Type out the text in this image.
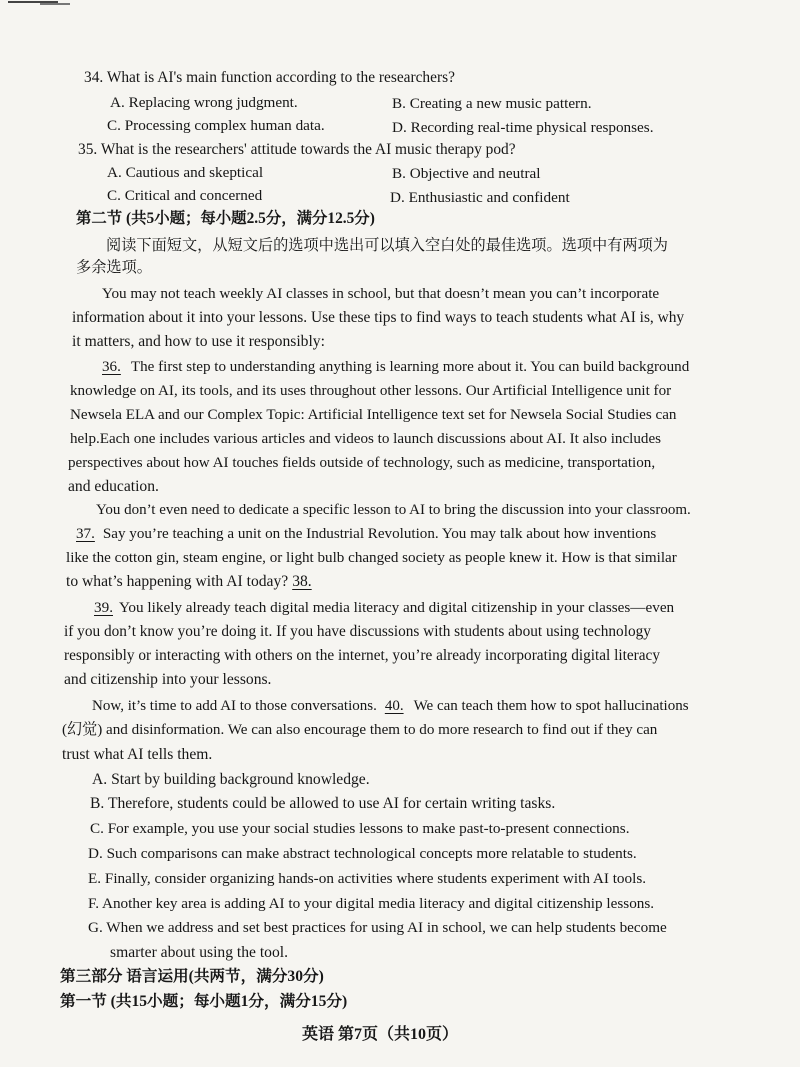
34. What is AI's main function according to the researchers?
A. Replacing wrong judgment.	B. Creating a new music pattern.
C. Processing complex human data.	D. Recording real-time physical responses.
35. What is the researchers' attitude towards the AI music therapy pod?
A. Cautious and skeptical	B. Objective and neutral
C. Critical and concerned	D. Enthusiastic and confident
第二节 (共5小题；每小题2.5分，满分12.5分)
阅读下面短文，从短文后的选项中选出可以填入空白处的最佳选项。选项中有两项为
多余选项。
You may not teach weekly AI classes in school, but that doesn’t mean you can’t incorporate
information about it into your lessons. Use these tips to find ways to teach students what AI is, why
it matters, and how to use it responsibly:
36. The first step to understanding anything is learning more about it. You can build background
knowledge on AI, its tools, and its uses throughout other lessons. Our Artificial Intelligence unit for
Newsela ELA and our Complex Topic: Artificial Intelligence text set for Newsela Social Studies can
help.Each one includes various articles and videos to launch discussions about AI. It also includes
perspectives about how AI touches fields outside of technology, such as medicine, transportation,
and education.
You don’t even need to dedicate a specific lesson to AI to bring the discussion into your classroom.
37. Say you’re teaching a unit on the Industrial Revolution. You may talk about how inventions
like the cotton gin, steam engine, or light bulb changed society as people knew it. How is that similar
to what’s happening with AI today? 38.
39. You likely already teach digital media literacy and digital citizenship in your classes—even
if you don’t know you’re doing it. If you have discussions with students about using technology
responsibly or interacting with others on the internet, you’re already incorporating digital literacy
and citizenship into your lessons.
Now, it’s time to add AI to those conversations. 40. We can teach them how to spot hallucinations
(幻觉) and disinformation. We can also encourage them to do more research to find out if they can
trust what AI tells them.
A. Start by building background knowledge.
B. Therefore, students could be allowed to use AI for certain writing tasks.
C. For example, you use your social studies lessons to make past-to-present connections.
D. Such comparisons can make abstract technological concepts more relatable to students.
E. Finally, consider organizing hands-on activities where students experiment with AI tools.
F. Another key area is adding AI to your digital media literacy and digital citizenship lessons.
G. When we address and set best practices for using AI in school, we can help students become
smarter about using the tool.
第三部分 语言运用(共两节，满分30分)
第一节 (共15小题；每小题1分，满分15分)
英语 第7页（共10页）
